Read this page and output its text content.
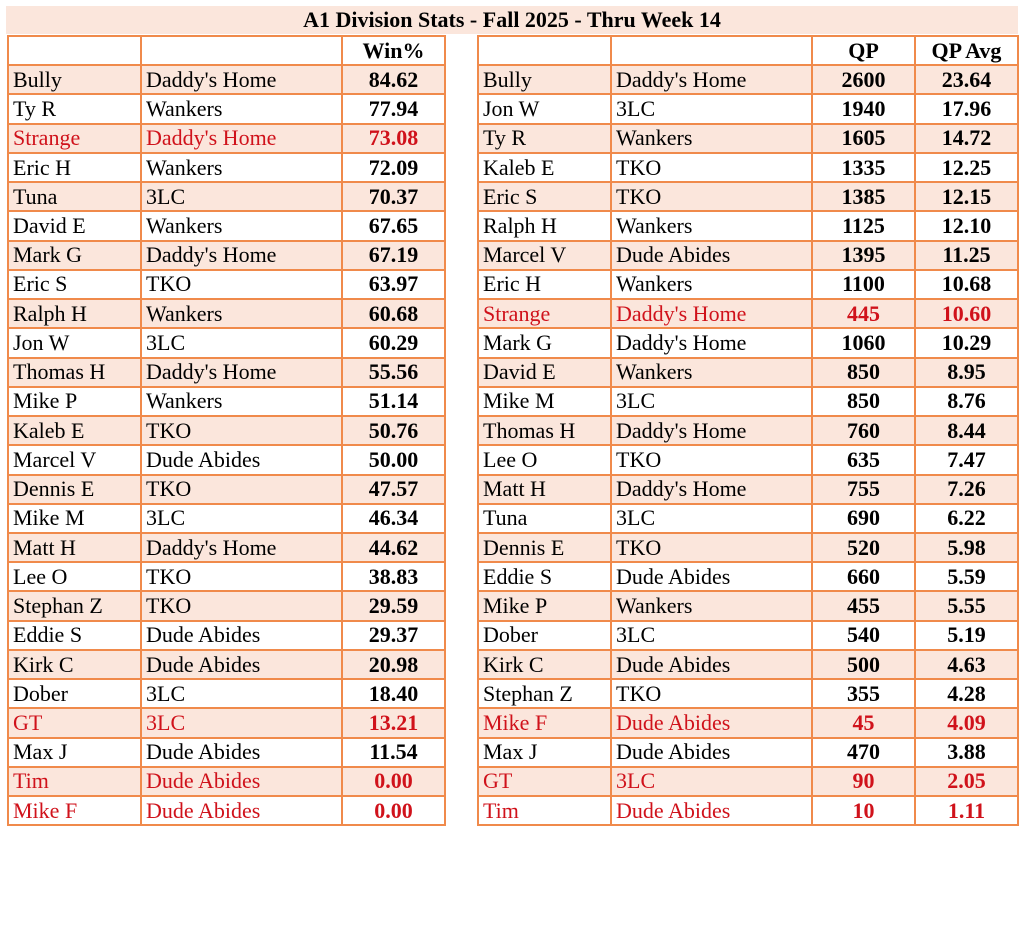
A1 Division Stats - Fall 2025 - Thru Week 14
		Win%
Bully	Daddy's Home	84.62
Ty R	Wankers	77.94
Strange	Daddy's Home	73.08
Eric H	Wankers	72.09
Tuna	3LC	70.37
David E	Wankers	67.65
Mark G	Daddy's Home	67.19
Eric S	TKO	63.97
Ralph H	Wankers	60.68
Jon W	3LC	60.29
Thomas H	Daddy's Home	55.56
Mike P	Wankers	51.14
Kaleb E	TKO	50.76
Marcel V	Dude Abides	50.00
Dennis E	TKO	47.57
Mike M	3LC	46.34
Matt H	Daddy's Home	44.62
Lee O	TKO	38.83
Stephan Z	TKO	29.59
Eddie S	Dude Abides	29.37
Kirk C	Dude Abides	20.98
Dober	3LC	18.40
GT	3LC	13.21
Max J	Dude Abides	11.54
Tim	Dude Abides	0.00
Mike F	Dude Abides	0.00
		QP	QP Avg
Bully	Daddy's Home	2600	23.64
Jon W	3LC	1940	17.96
Ty R	Wankers	1605	14.72
Kaleb E	TKO	1335	12.25
Eric S	TKO	1385	12.15
Ralph H	Wankers	1125	12.10
Marcel V	Dude Abides	1395	11.25
Eric H	Wankers	1100	10.68
Strange	Daddy's Home	445	10.60
Mark G	Daddy's Home	1060	10.29
David E	Wankers	850	8.95
Mike M	3LC	850	8.76
Thomas H	Daddy's Home	760	8.44
Lee O	TKO	635	7.47
Matt H	Daddy's Home	755	7.26
Tuna	3LC	690	6.22
Dennis E	TKO	520	5.98
Eddie S	Dude Abides	660	5.59
Mike P	Wankers	455	5.55
Dober	3LC	540	5.19
Kirk C	Dude Abides	500	4.63
Stephan Z	TKO	355	4.28
Mike F	Dude Abides	45	4.09
Max J	Dude Abides	470	3.88
GT	3LC	90	2.05
Tim	Dude Abides	10	1.11
